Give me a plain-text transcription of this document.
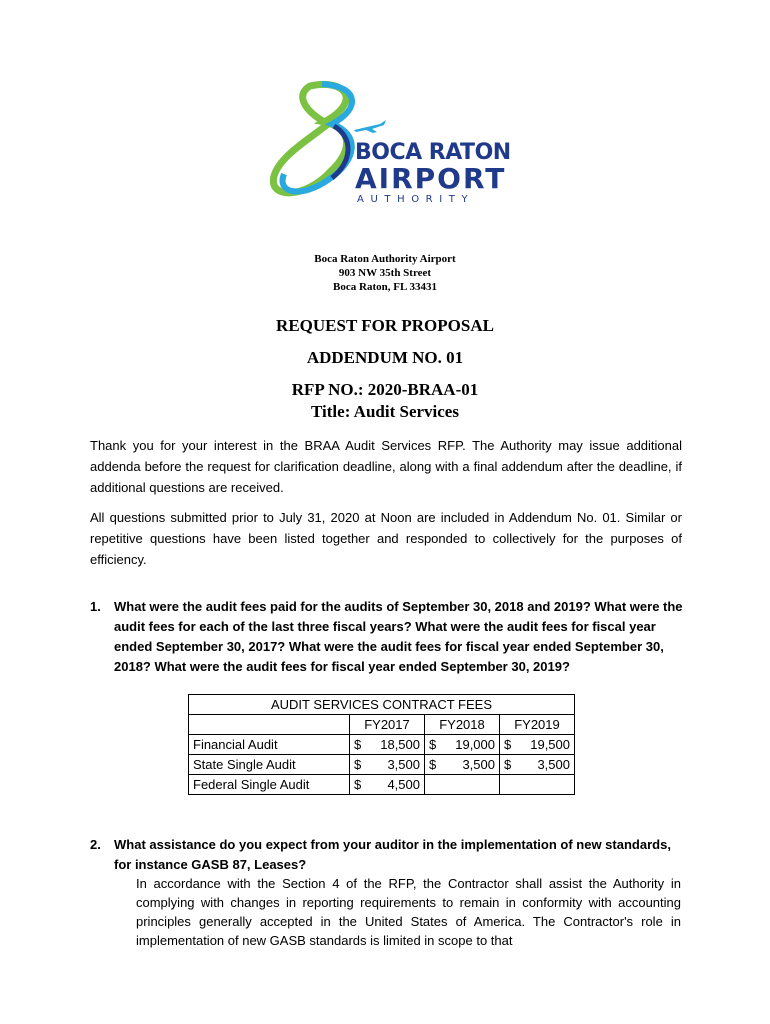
BOCA RATON
AIRPORT
AUTHORITY
Boca Raton Authority Airport
903 NW 35th Street
Boca Raton, FL 33431
REQUEST FOR PROPOSAL
ADDENDUM NO. 01
RFP NO.: 2020-BRAA-01
Title: Audit Services
Thank you for your interest in the BRAA Audit Services RFP. The Authority may issue additional addenda before the request for clarification deadline, along with a final addendum after the deadline, if additional questions are received.
All questions submitted prior to July 31, 2020 at Noon are included in Addendum No. 01. Similar or repetitive questions have been listed together and responded to collectively for the purposes of efficiency.
1. What were the audit fees paid for the audits of September 30, 2018 and 2019? What were the audit fees for each of the last three fiscal years? What were the audit fees for fiscal year ended September 30, 2017? What were the audit fees for fiscal year ended September 30, 2018? What were the audit fees for fiscal year ended September 30, 2019?
AUDIT SERVICES CONTRACT FEES			
	FY2017	FY2018	FY2019
Financial Audit	$ 18,500	$ 19,000	$ 19,500

State Single Audit	$ 3,500	$ 3,500	$ 3,500

Federal Single Audit	$ 4,500		

2. What assistance do you expect from your auditor in the implementation of new standards, for instance GASB 87, Leases?
In accordance with the Section 4 of the RFP, the Contractor shall assist the Authority in complying with changes in reporting requirements to remain in conformity with accounting principles generally accepted in the United States of America. The Contractor's role in implementation of new GASB standards is limited in scope to that
